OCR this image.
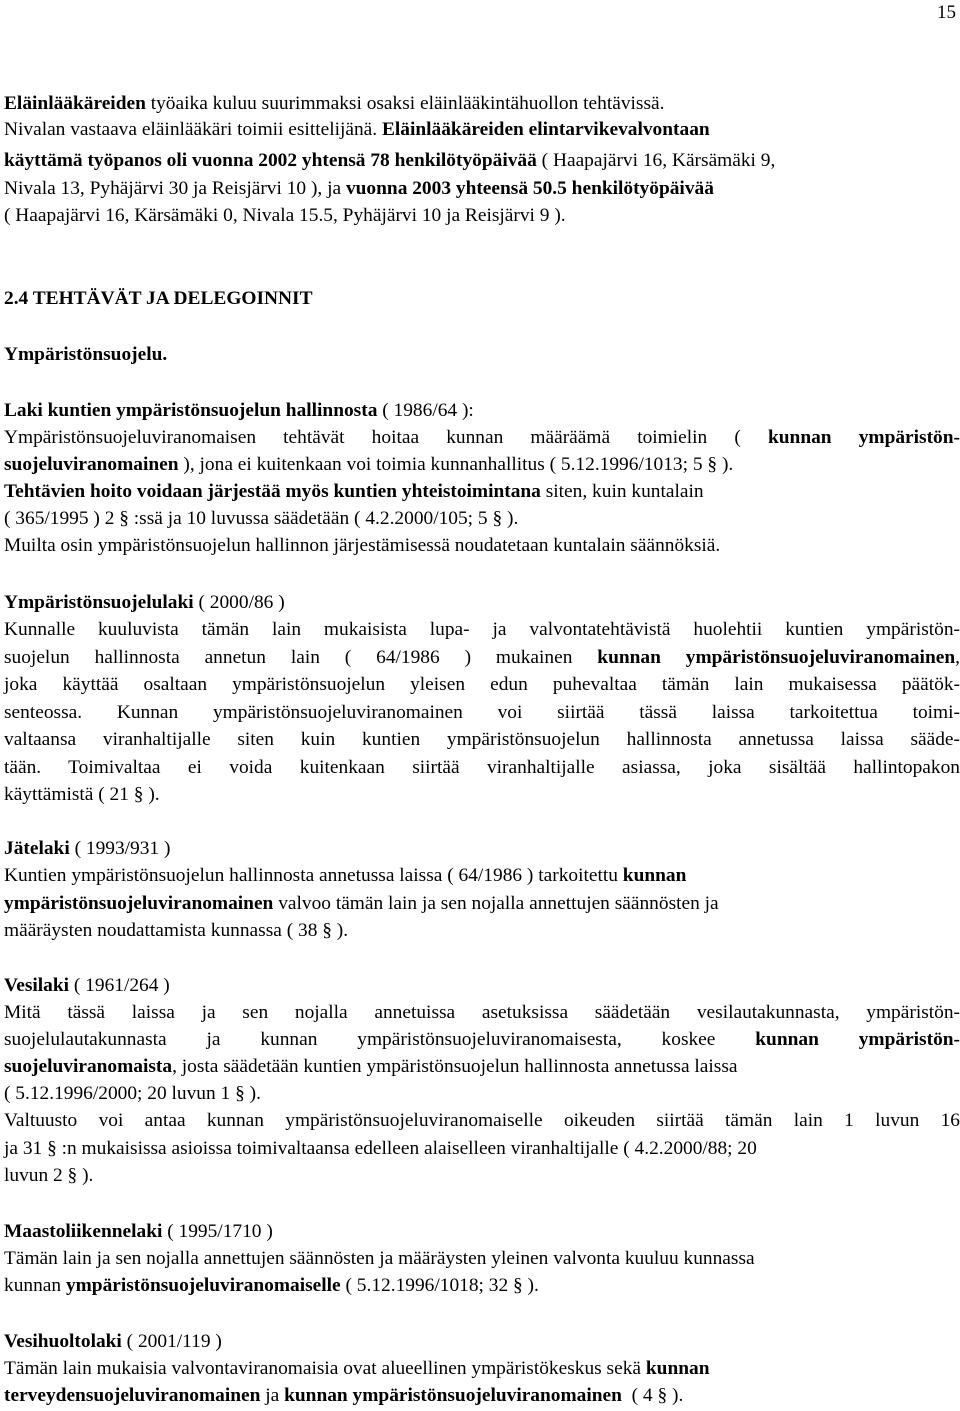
15
Eläinlääkäreiden työaika kuluu suurimmaksi osaksi eläinlääkintähuollon tehtävissä.
Nivalan vastaava eläinlääkäri toimii esittelijänä. Eläinlääkäreiden elintarvikevalvontaan
käyttämä työpanos oli vuonna 2002 yhtensä 78 henkilötyöpäivää ( Haapajärvi 16, Kärsämäki 9,
Nivala 13, Pyhäjärvi 30 ja Reisjärvi 10 ), ja vuonna 2003 yhteensä 50.5 henkilötyöpäivää
( Haapajärvi 16, Kärsämäki 0, Nivala 15.5, Pyhäjärvi 10 ja Reisjärvi 9 ).
2.4 TEHTÄVÄT JA DELEGOINNIT
Ympäristönsuojelu.
Laki kuntien ympäristönsuojelun hallinnosta ( 1986/64 ):
Ympäristönsuojeluviranomaisen tehtävät hoitaa kunnan määräämä toimielin ( kunnan ympäristön-
suojeluviranomainen ), jona ei kuitenkaan voi toimia kunnanhallitus ( 5.12.1996/1013; 5 § ).
Tehtävien hoito voidaan järjestää myös kuntien yhteistoimintana siten, kuin kuntalain
( 365/1995 ) 2 § :ssä ja 10 luvussa säädetään ( 4.2.2000/105; 5 § ).
Muilta osin ympäristönsuojelun hallinnon järjestämisessä noudatetaan kuntalain säännöksiä.
Ympäristönsuojelulaki ( 2000/86 )
Kunnalle kuuluvista tämän lain mukaisista lupa- ja valvontatehtävistä huolehtii kuntien ympäristön-
suojelun hallinnosta annetun lain ( 64/1986 ) mukainen kunnan ympäristönsuojeluviranomainen,
joka käyttää osaltaan ympäristönsuojelun yleisen edun puhevaltaa tämän lain mukaisessa päätök-
senteossa. Kunnan ympäristönsuojeluviranomainen voi siirtää tässä laissa tarkoitettua toimi-
valtaansa viranhaltijalle siten kuin kuntien ympäristönsuojelun hallinnosta annetussa laissa sääde-
tään. Toimivaltaa ei voida kuitenkaan siirtää viranhaltijalle asiassa, joka sisältää hallintopakon
käyttämistä ( 21 § ).
Jätelaki ( 1993/931 )
Kuntien ympäristönsuojelun hallinnosta annetussa laissa ( 64/1986 ) tarkoitettu kunnan
ympäristönsuojeluviranomainen valvoo tämän lain ja sen nojalla annettujen säännösten ja
määräysten noudattamista kunnassa ( 38 § ).
Vesilaki ( 1961/264 )
Mitä tässä laissa ja sen nojalla annetuissa asetuksissa säädetään vesilautakunnasta, ympäristön-
suojelulautakunnasta ja kunnan ympäristönsuojeluviranomaisesta, koskee kunnan ympäristön-
suojeluviranomaista, josta säädetään kuntien ympäristönsuojelun hallinnosta annetussa laissa
( 5.12.1996/2000; 20 luvun 1 § ).
Valtuusto voi antaa kunnan ympäristönsuojeluviranomaiselle oikeuden siirtää tämän lain 1 luvun 16
ja 31 § :n mukaisissa asioissa toimivaltaansa edelleen alaiselleen viranhaltijalle ( 4.2.2000/88; 20
luvun 2 § ).
Maastoliikennelaki ( 1995/1710 )
Tämän lain ja sen nojalla annettujen säännösten ja määräysten yleinen valvonta kuuluu kunnassa
kunnan ympäristönsuojeluviranomaiselle ( 5.12.1996/1018; 32 § ).
Vesihuoltolaki ( 2001/119 )
Tämän lain mukaisia valvontaviranomaisia ovat alueellinen ympäristökeskus sekä kunnan
terveydensuojeluviranomainen ja kunnan ympäristönsuojeluviranomainen  ( 4 § ).
